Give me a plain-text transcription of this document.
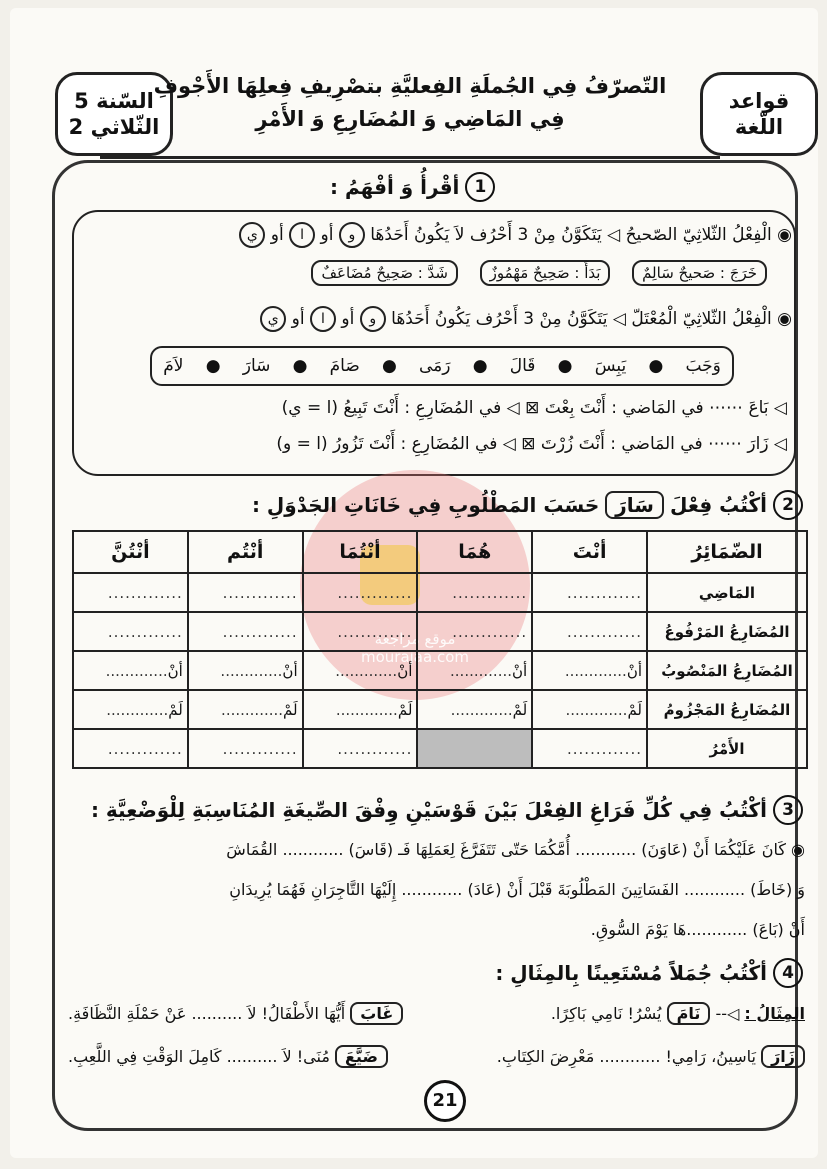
قواعد
اللّغة
السّنة 5
الثّلاثي 2
التّصرّفُ فِي الجُملَةِ الفِعليَّةِ بتصْرِيفِ فِعلِهَا الأَجْوفِ
فِي المَاضِي وَ المُضَارِعِ وَ الأَمْرِ
1
أقْرأُ وَ أفْهَمُ :
◉ الْفِعْلُ الثّلاثِيّ الصّحيحُ ◁ يَتَكَوَّنُ مِنْ 3 أَحْرُف لاَ يَكُونُ أَحَدُهَا و أو ا أو ي
خَرَجَ : صَحيحٌ سَالِمٌ    بَدَأَ : صَحِيحٌ مَهْمُوزٌ    شَدَّ : صَحِيحٌ مُضَاعَفٌ
◉ الْفِعْلُ الثّلاثِيّ الْمُعْتَلّ ◁ يَتَكَوَّنُ مِنْ 3 أَحْرُف يَكُونُ أَحَدُهَا و أو ا أو ي
وَجَبَ
●
يَبِسَ
●
قَالَ
●
رَمَى
●
صَامَ
●
سَارَ
●
لاَمَ
◁ بَاعَ ⋯⋯ في المَاضي : أَنْتَ بِعْتَ ⊠ ◁ في المُضَارِعِ : أَنْتَ تَبِيعُ (ا = ي)
◁ زَارَ ⋯⋯ في المَاضي : أَنْتَ زُرْتَ ⊠ ◁ في المُضَارِعِ : أَنْتَ تَزُورُ (ا = و)
موقع مراجعة
mourajaa.com
2
أكْتُبُ فِعْلَ
سَارَ
حَسَبَ المَطْلُوبِ فِي خَانَاتِ الجَدْوَلِ :
الضّمَائِرُ	أنْتَ	هُمَا	أنْتُمَا	أنْتُم	أنْتُنَّ
المَاضِي	.............	.............	.............	.............	.............
المُضَارِعُ المَرْفُوعُ	.............	.............	.............	.............	.............
المُضَارِعُ المَنْصُوبُ	أنْ.............	أنْ.............	أنْ.............	أنْ.............	أنْ.............
المُضَارِعُ المَجْزُومُ	لَمْ.............	لَمْ.............	لَمْ.............	لَمْ.............	لَمْ.............
الأَمْرُ	.............		.............	.............	.............
3
أكْتُبُ فِي كُلِّ فَرَاغِ الفِعْلَ بَيْنَ قَوْسَيْنِ وِفْقَ الصِّيغَةِ المُنَاسِبَةِ لِلْوَضْعِيَّةِ :
◉ كَانَ عَلَيْكُمَا أَنْ (عَاوَنَ) ............ أُمَّكُمَا حَتّى تَتَفَرَّغَ لِعَمَلِهَا فَـ (قَاسَ) ............ القُمَاشَ
وَ (خَاطَ) ............ الفَسَاتِينَ المَطْلُوبَةَ قَبْلَ أَنْ (عَادَ) ............ إِلَيْهَا التَّاجِرَانِ فَهُمَا يُرِيدَانِ
أَنْ (بَاعَ) ............هَا يَوْمَ السُّوقِ.
4
أكْتُبُ جُمَلاً مُسْتَعِينًا بِالمِثَالِ :
المِثَالُ : ◁-- نَامَ يُسْرُ! نَامِي بَاكِرًا.
غَابَ أَيُّهَا الأَطْفَالُ! لاَ .......... عَنْ حَمْلَةِ النَّظَافَةِ.
زَارَ يَاسِينُ، رَامِي! ............ مَعْرِضَ الكِتَابِ.
ضَيَّعَ مُنَى! لاَ .......... كَامِلَ الوَقْتِ فِي اللَّعِبِ.
21
